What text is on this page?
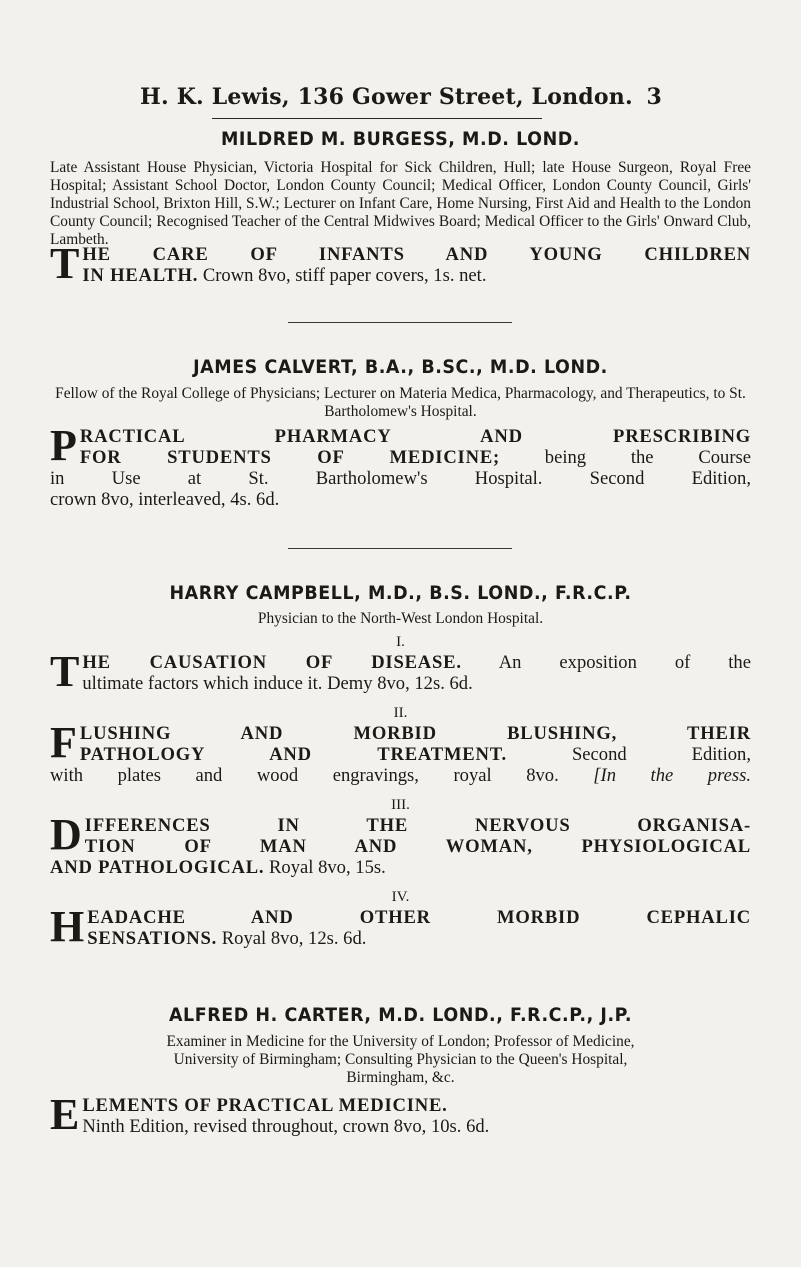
H. K. Lewis, 136 Gower Street, London. 3
MILDRED M. BURGESS, M.D. LOND.
Late Assistant House Physician, Victoria Hospital for Sick Children, Hull; late House Surgeon, Royal Free Hospital; Assistant School Doctor, London County Council; Medical Officer, London County Council, Girls' Industrial School, Brixton Hill, S.W.; Lecturer on Infant Care, Home Nursing, First Aid and Health to the London County Council; Recognised Teacher of the Central Midwives Board; Medical Officer to the Girls' Onward Club, Lambeth.
T HE CARE OF INFANTS AND YOUNG CHILDREN
IN HEALTH. Crown 8vo, stiff paper covers, 1s. net.
JAMES CALVERT, B.A., B.SC., M.D. LOND.
Fellow of the Royal College of Physicians; Lecturer on Materia Medica, Pharmacology, and Therapeutics, to St. Bartholomew's Hospital.
P RACTICAL PHARMACY AND PRESCRIBING
FOR STUDENTS OF MEDICINE; being the Course
in Use at St. Bartholomew's Hospital. Second Edition,
crown 8vo, interleaved, 4s. 6d.
HARRY CAMPBELL, M.D., B.S. LOND., F.R.C.P.
Physician to the North-West London Hospital.
I.
T HE CAUSATION OF DISEASE. An exposition of the
ultimate factors which induce it. Demy 8vo, 12s. 6d.
II.
F LUSHING AND MORBID BLUSHING, THEIR
PATHOLOGY AND TREATMENT.	Second Edition,
with plates and wood engravings, royal 8vo. [In the press.
III.
D IFFERENCES IN THE NERVOUS ORGANISA-
TION OF MAN AND WOMAN, PHYSIOLOGICAL
AND PATHOLOGICAL. Royal 8vo, 15s.
IV.
H EADACHE AND OTHER MORBID CEPHALIC
SENSATIONS. Royal 8vo, 12s. 6d.
ALFRED H. CARTER, M.D. LOND., F.R.C.P., J.P.
Examiner in Medicine for the University of London; Professor of Medicine,
University of Birmingham; Consulting Physician to the Queen's Hospital,
Birmingham, &c.
E LEMENTS OF PRACTICAL MEDICINE.
Ninth Edition, revised throughout, crown 8vo, 10s. 6d.
